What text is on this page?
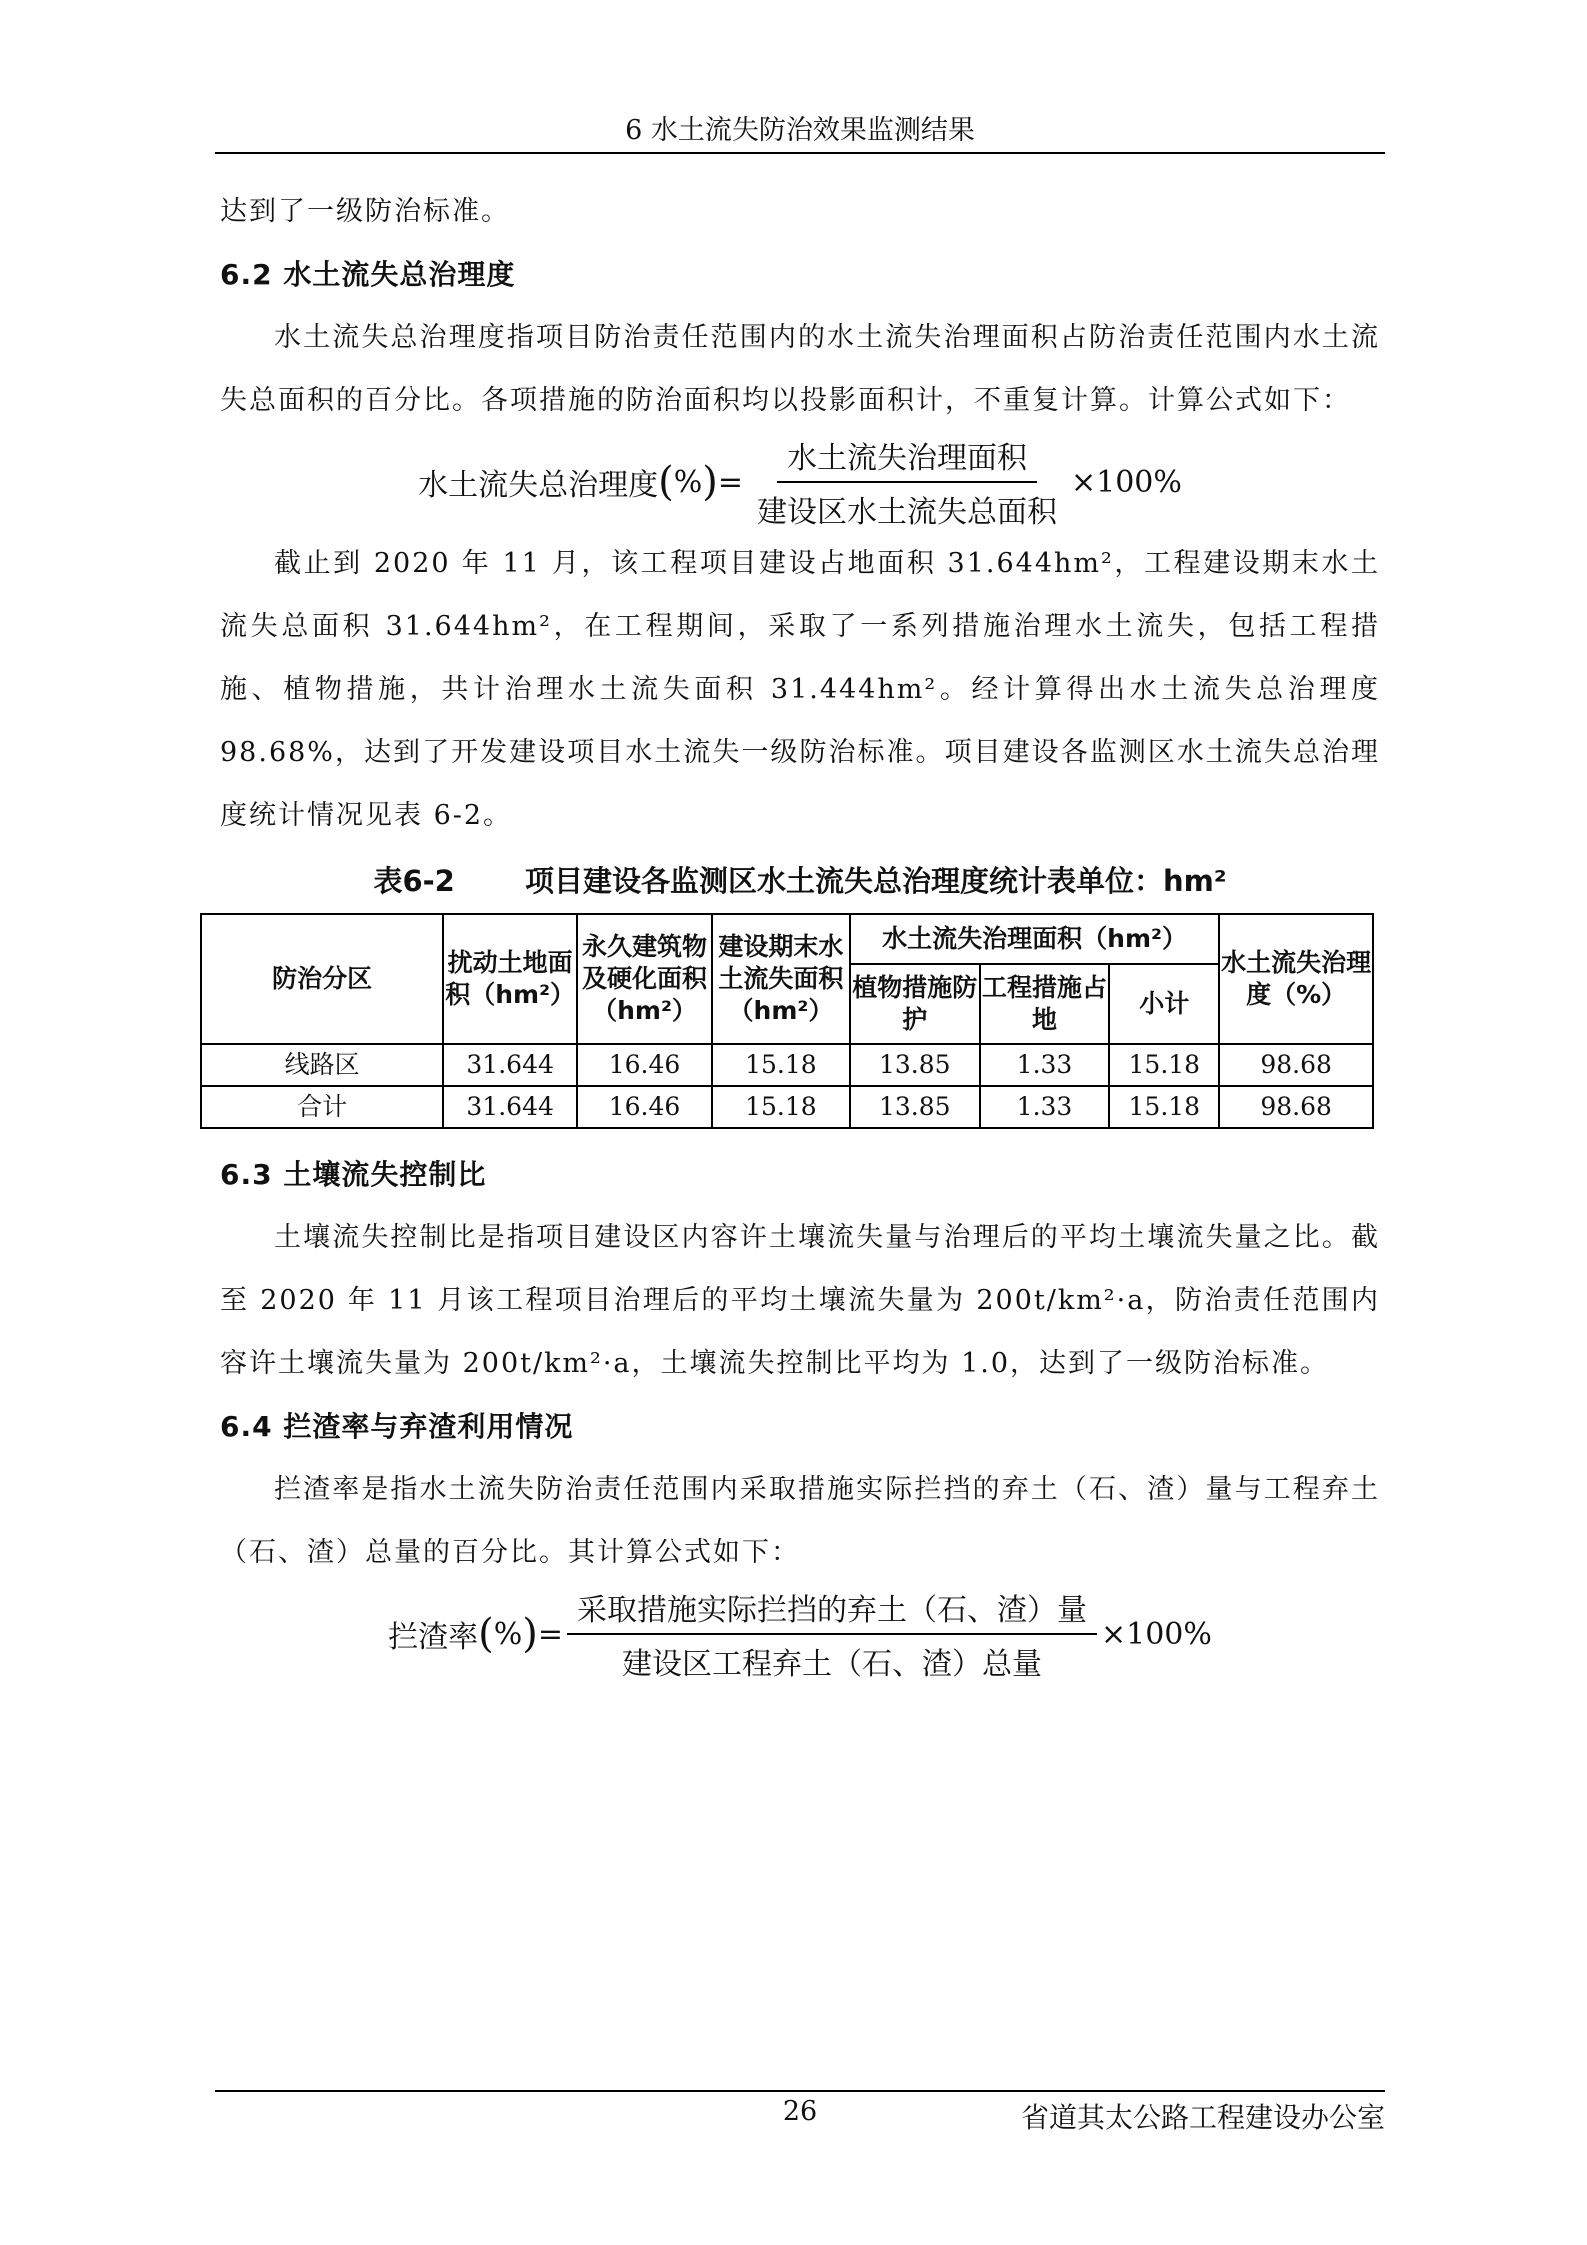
6 水土流失防治效果监测结果

达到了一级防治标准。

6.2 水土流失总治理度

水土流失总治理度指项目防治责任范围内的水土流失治理面积占防治责任范围内水土流失总面积的百分比。各项措施的防治面积均以投影面积计，不重复计算。计算公式如下：

水土流失总治理度 ( % ) = $\frac{\text{水土流失治理面积}}{\text{建设区水土流失总面积}} \times 100\%$

截止到 2020 年 11 月，该工程项目建设占地面积 31.644hm²，工程建设期末水土流失总面积 31.644hm²，在工程期间，采取了一系列措施治理水土流失，包括工程措施、植物措施，共计治理水土流失面积 31.444hm²。经计算得出水土流失总治理度 98.68%，达到了开发建设项目水土流失一级防治标准。项目建设各监测区水土流失总治理度统计情况见表 6-2。

表6-2 项目建设各监测区水土流失总治理度统计表单位：hm²
防治分区	扰动土地面积（hm²）	永久建筑物及硬化面积（hm²）	建设期末水土流失面积（hm²）	水土流失治理面积（hm²）			水土流失治理度（%）
				植物措施防护	工程措施占地	小计	
线路区	31.644	16.46	15.18	13.85	1.33	15.18	98.68
合计	31.644	16.46	15.18	13.85	1.33	15.18	98.68
6.3 土壤流失控制比

土壤流失控制比是指项目建设区内容许土壤流失量与治理后的平均土壤流失量之比。截至 2020 年 11 月该工程项目治理后的平均土壤流失量为 200t/km²·a，防治责任范围内容许土壤流失量为 200t/km²·a，土壤流失控制比平均为 1.0，达到了一级防治标准。

6.4 拦渣率与弃渣利用情况

拦渣率是指水土流失防治责任范围内采取措施实际拦挡的弃土（石、渣）量与工程弃土（石、渣）总量的百分比。其计算公式如下：

拦渣率 ( % ) = $\frac{\text{采取措施实际拦挡的弃土（石、渣）量}}{\text{建设区工程弃土（石、渣）总量}} \times 100\%$
26	省道其太公路工程建设办公室
